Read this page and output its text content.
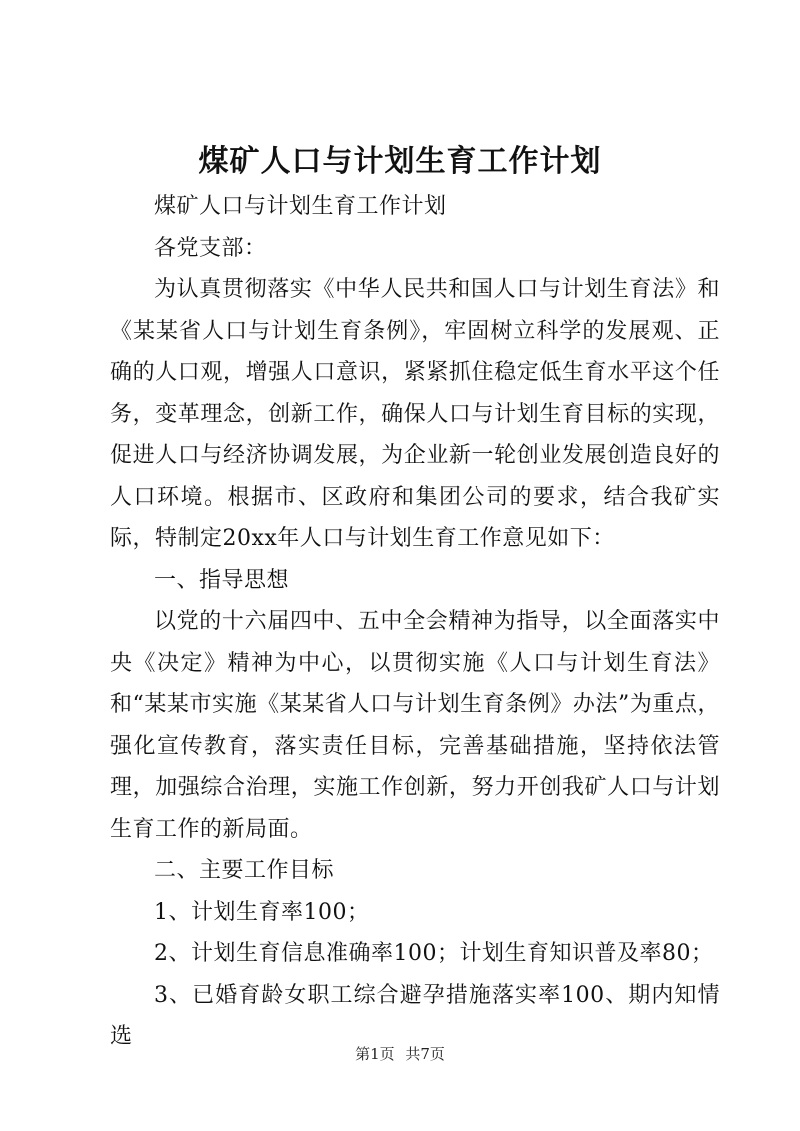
煤矿人口与计划生育工作计划

煤矿人口与计划生育工作计划

各党支部：

为认真贯彻落实《中华人民共和国人口与计划生育法》和《某某省人口与计划生育条例》，牢固树立科学的发展观、正确的人口观，增强人口意识，紧紧抓住稳定低生育水平这个任务，变革理念，创新工作，确保人口与计划生育目标的实现，促进人口与经济协调发展，为企业新一轮创业发展创造良好的人口环境。根据市、区政府和集团公司的要求，结合我矿实际，特制定20xx年人口与计划生育工作意见如下：

一、指导思想

以党的十六届四中、五中全会精神为指导，以全面落实中央《决定》精神为中心，以贯彻实施《人口与计划生育法》和“某某市实施《某某省人口与计划生育条例》办法”为重点，强化宣传教育，落实责任目标，完善基础措施，坚持依法管理，加强综合治理，实施工作创新，努力开创我矿人口与计划生育工作的新局面。

二、主要工作目标

1、计划生育率100；

2、计划生育信息准确率100；计划生育知识普及率80；

3、已婚育龄女职工综合避孕措施落实率100、期内知情选

第1页 共7页
